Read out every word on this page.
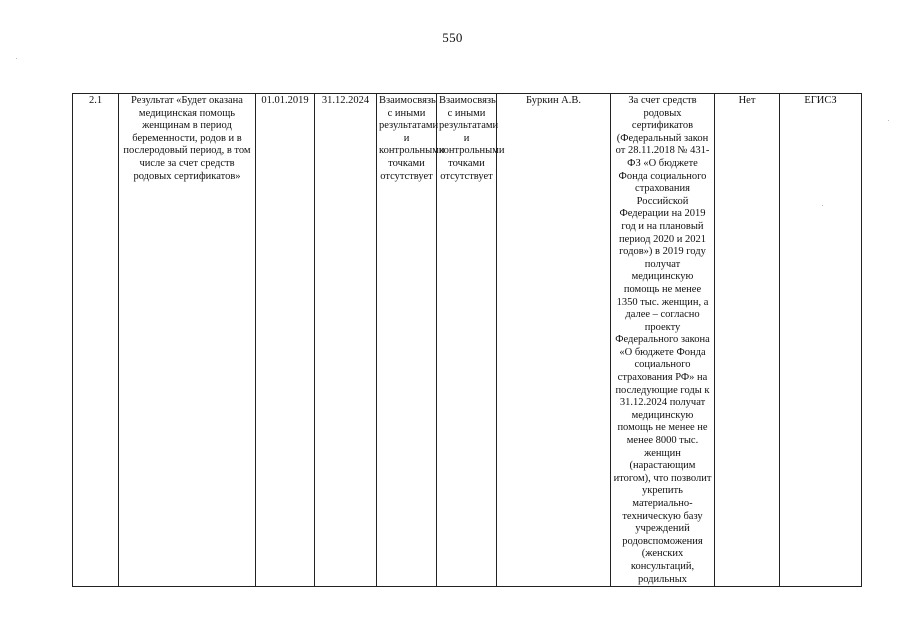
550
2.1	Результат «Будет оказана медицинская помощь женщинам в период беременности, родов и в послеродовый период, в том числе за счет средств родовых сертификатов»	01.01.2019	31.12.2024	Взаимосвязь с иными результатами и контрольными точками отсутствует	Взаимосвязь с иными результатами и контрольными точками отсутствует	Буркин А.В.	За счет средств родовых сертификатов (Федеральный закон от 28.11.2018 № 431-ФЗ «О бюджете Фонда социального страхования Российской Федерации на 2019 год и на плановый период 2020 и 2021 годов») в 2019 году получат медицинскую помощь не менее 1350 тыс. женщин, а далее – согласно проекту Федерального закона «О бюджете Фонда социального страхования РФ» на последующие годы к 31.12.2024 получат медицинскую помощь не менее не менее 8000 тыс. женщин (нарастающим итогом), что позволит укрепить материально-техническую базу учреждений родовспоможения (женских консультаций, родильных	Нет	ЕГИСЗ
